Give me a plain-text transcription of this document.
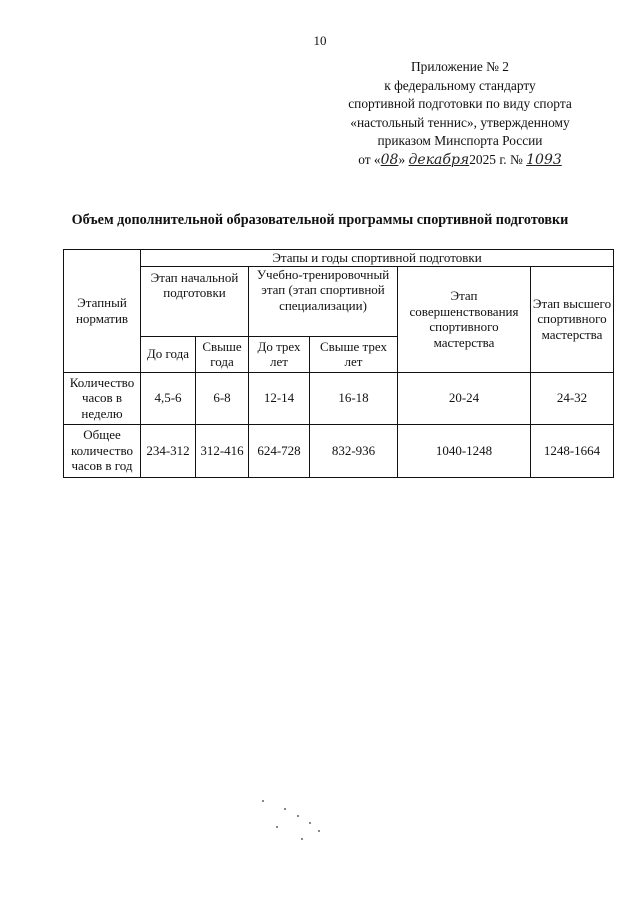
10
Приложение № 2
к федеральному стандарту
спортивной подготовки по виду спорта
«настольный теннис», утвержденному
приказом Минспорта России
от «08» декабря2025 г. № 1093
Объем дополнительной образовательной программы спортивной подготовки
Этапный норматив	Этапы и годы спортивной подготовки					
	Этап начальной подготовки		Учебно-тренировочный этап (этап спортивной специализации)		Этап совершенствования спортивного мастерства	Этап высшего спортивного мастерства
	До года	Свыше года	До трех лет	Свыше трех лет		
Количество часов в неделю	4,5-6	6-8	12-14	16-18	20-24	24-32
Общее количество часов в год	234-312	312-416	624-728	832-936	1040-1248	1248-1664
